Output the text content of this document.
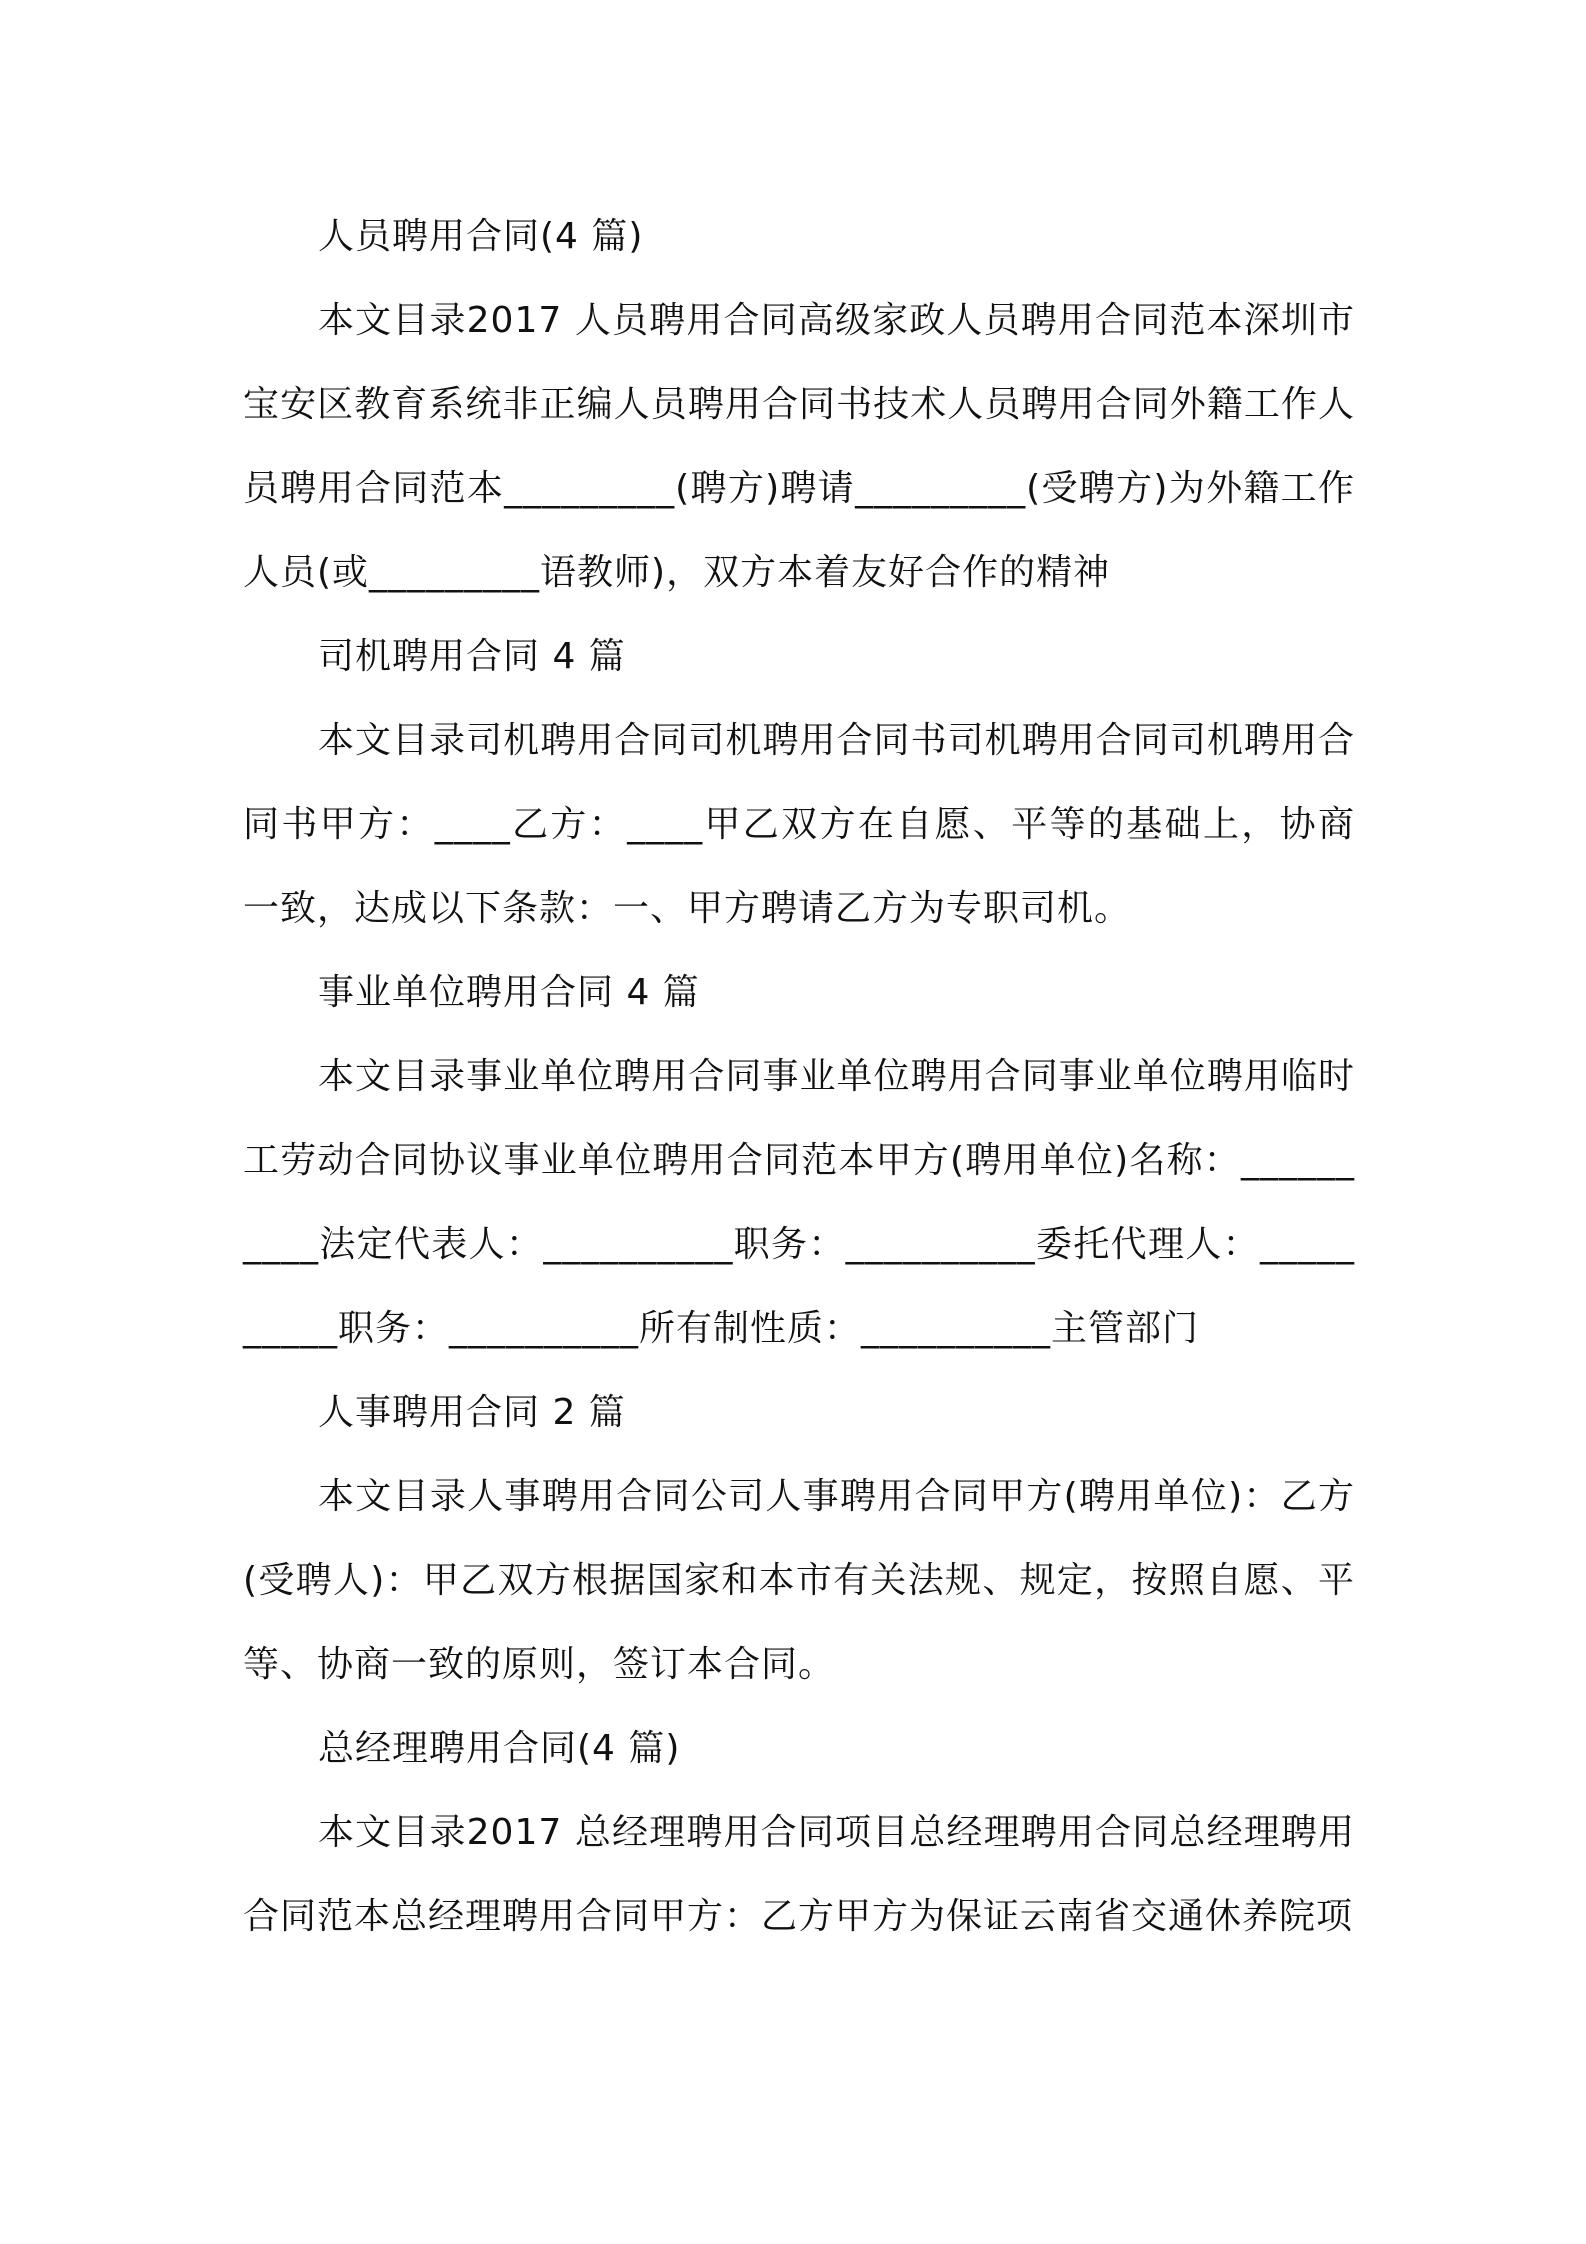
人员聘用合同(4 篇)

本文目录2017 人员聘用合同高级家政人员聘用合同范本深圳市宝安区教育系统非正编人员聘用合同书技术人员聘用合同外籍工作人员聘用合同范本_________(聘方)聘请_________(受聘方)为外籍工作人员(或_________语教师)，双方本着友好合作的精神

司机聘用合同 4 篇

本文目录司机聘用合同司机聘用合同书司机聘用合同司机聘用合同书甲方：____乙方：____甲乙双方在自愿、平等的基础上，协商一致，达成以下条款：一、甲方聘请乙方为专职司机。

事业单位聘用合同 4 篇

本文目录事业单位聘用合同事业单位聘用合同事业单位聘用临时工劳动合同协议事业单位聘用合同范本甲方(聘用单位)名称：__________法定代表人：__________职务：__________委托代理人：__________职务：__________所有制性质：__________主管部门

人事聘用合同 2 篇

本文目录人事聘用合同公司人事聘用合同甲方(聘用单位)：乙方(受聘人)：甲乙双方根据国家和本市有关法规、规定，按照自愿、平等、协商一致的原则，签订本合同。

总经理聘用合同(4 篇)

本文目录2017 总经理聘用合同项目总经理聘用合同总经理聘用合同范本总经理聘用合同甲方：乙方甲方为保证云南省交通休养院项
